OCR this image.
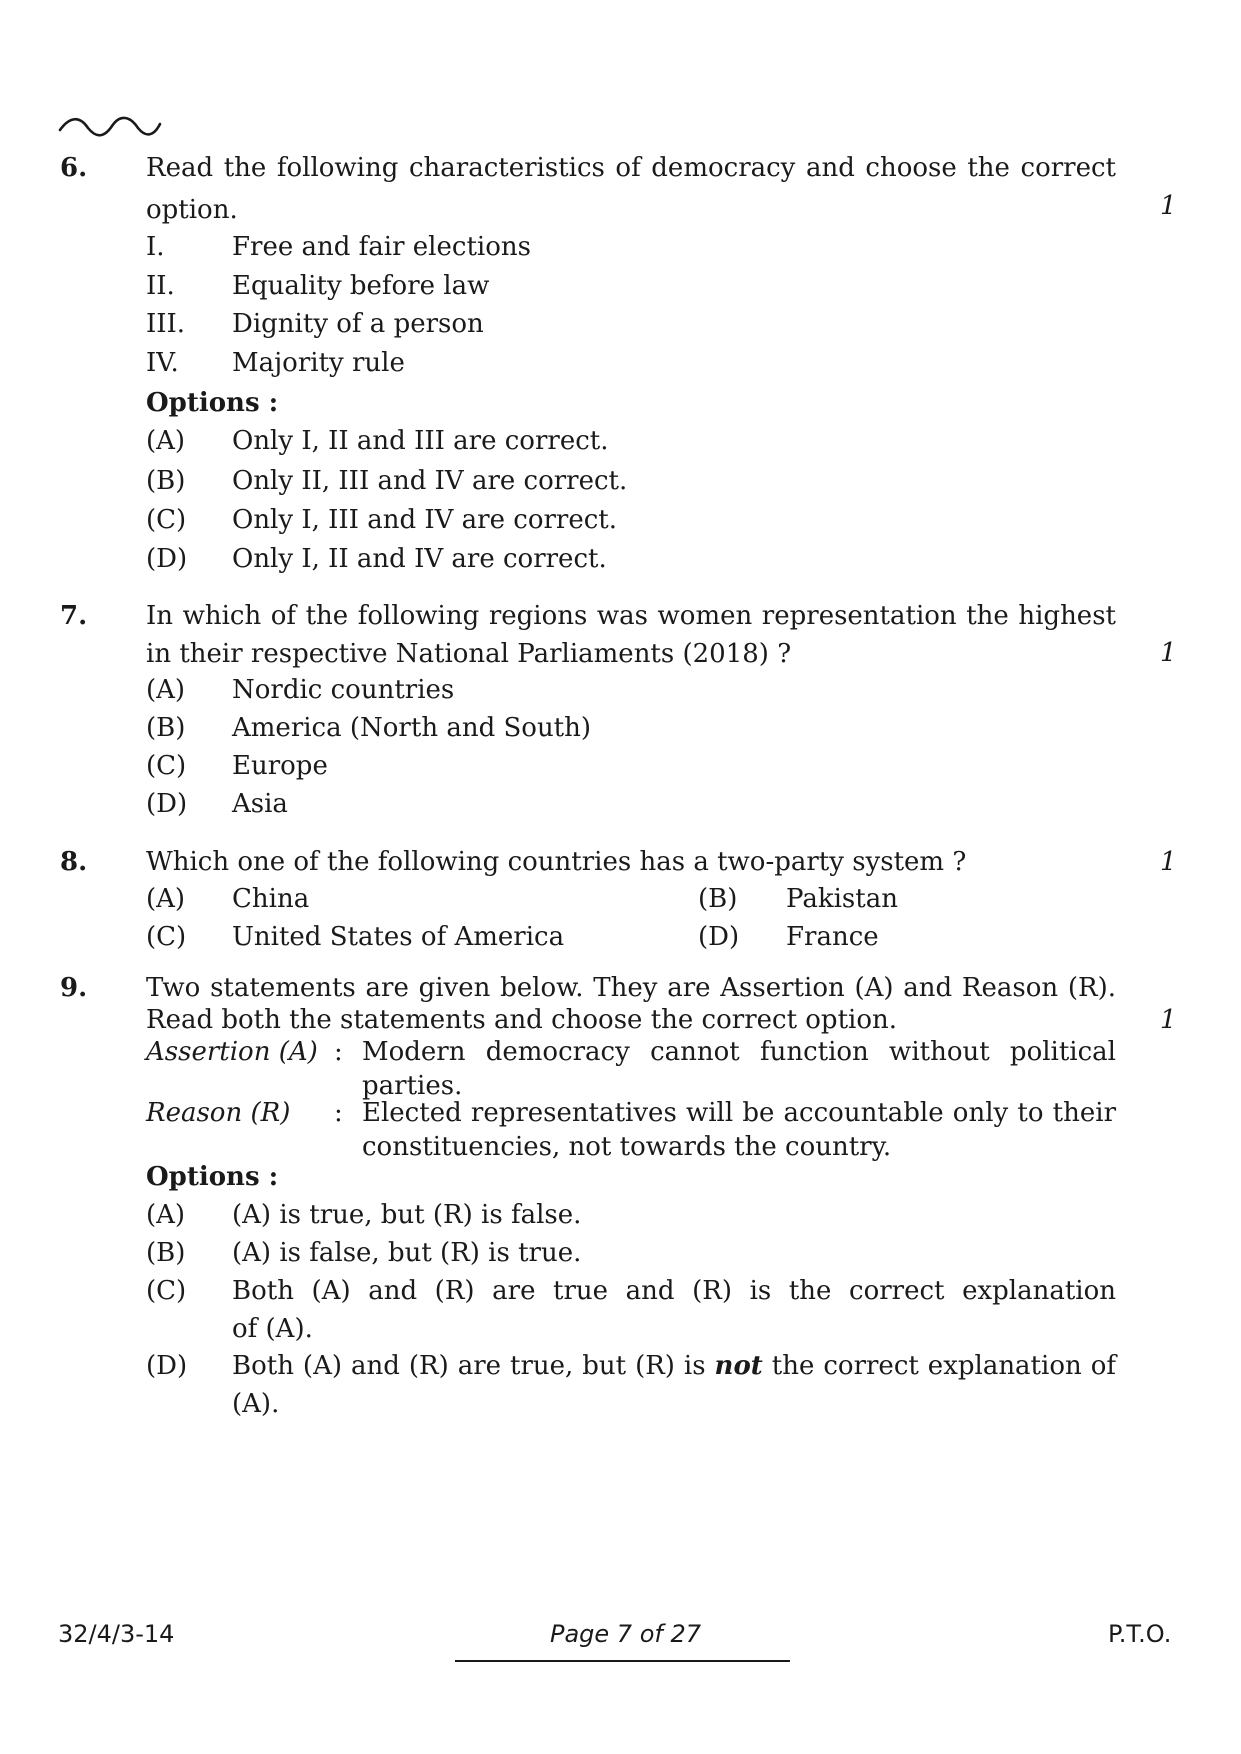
6. Read the following characteristics of democracy and choose the correct
option.	1
I.	Free and fair elections
II. Equality before law
III. Dignity of a person
IV. Majority rule
Options :
(A) Only I, II and III are correct.
(B) Only II, III and IV are correct.
(C) Only I, III and IV are correct.
(D) Only I, II and IV are correct.
7. In which of the following regions was women representation the highest
in their respective National Parliaments (2018) ?	1
(A) Nordic countries
(B) America (North and South)
(C) Europe
(D) Asia
8. Which one of the following countries has a two-party system ?	1
(A) China	(B) Pakistan
(C) United States of America	(D) France
9. Two statements are given below. They are Assertion (A) and Reason (R).
Read both the statements and choose the correct option.	1
Assertion (A) : Modern democracy cannot function without political parties.
Reason (R) : Elected representatives will be accountable only to their constituencies, not towards the country.
Options :
(A) (A) is true, but (R) is false.
(B) (A) is false, but (R) is true.
(C) Both (A) and (R) are true and (R) is the correct explanation
of (A).
(D) Both (A) and (R) are true, but (R) is not the correct explanation of
(A).
32/4/3-14	Page 7 of 27	P.T.O.
